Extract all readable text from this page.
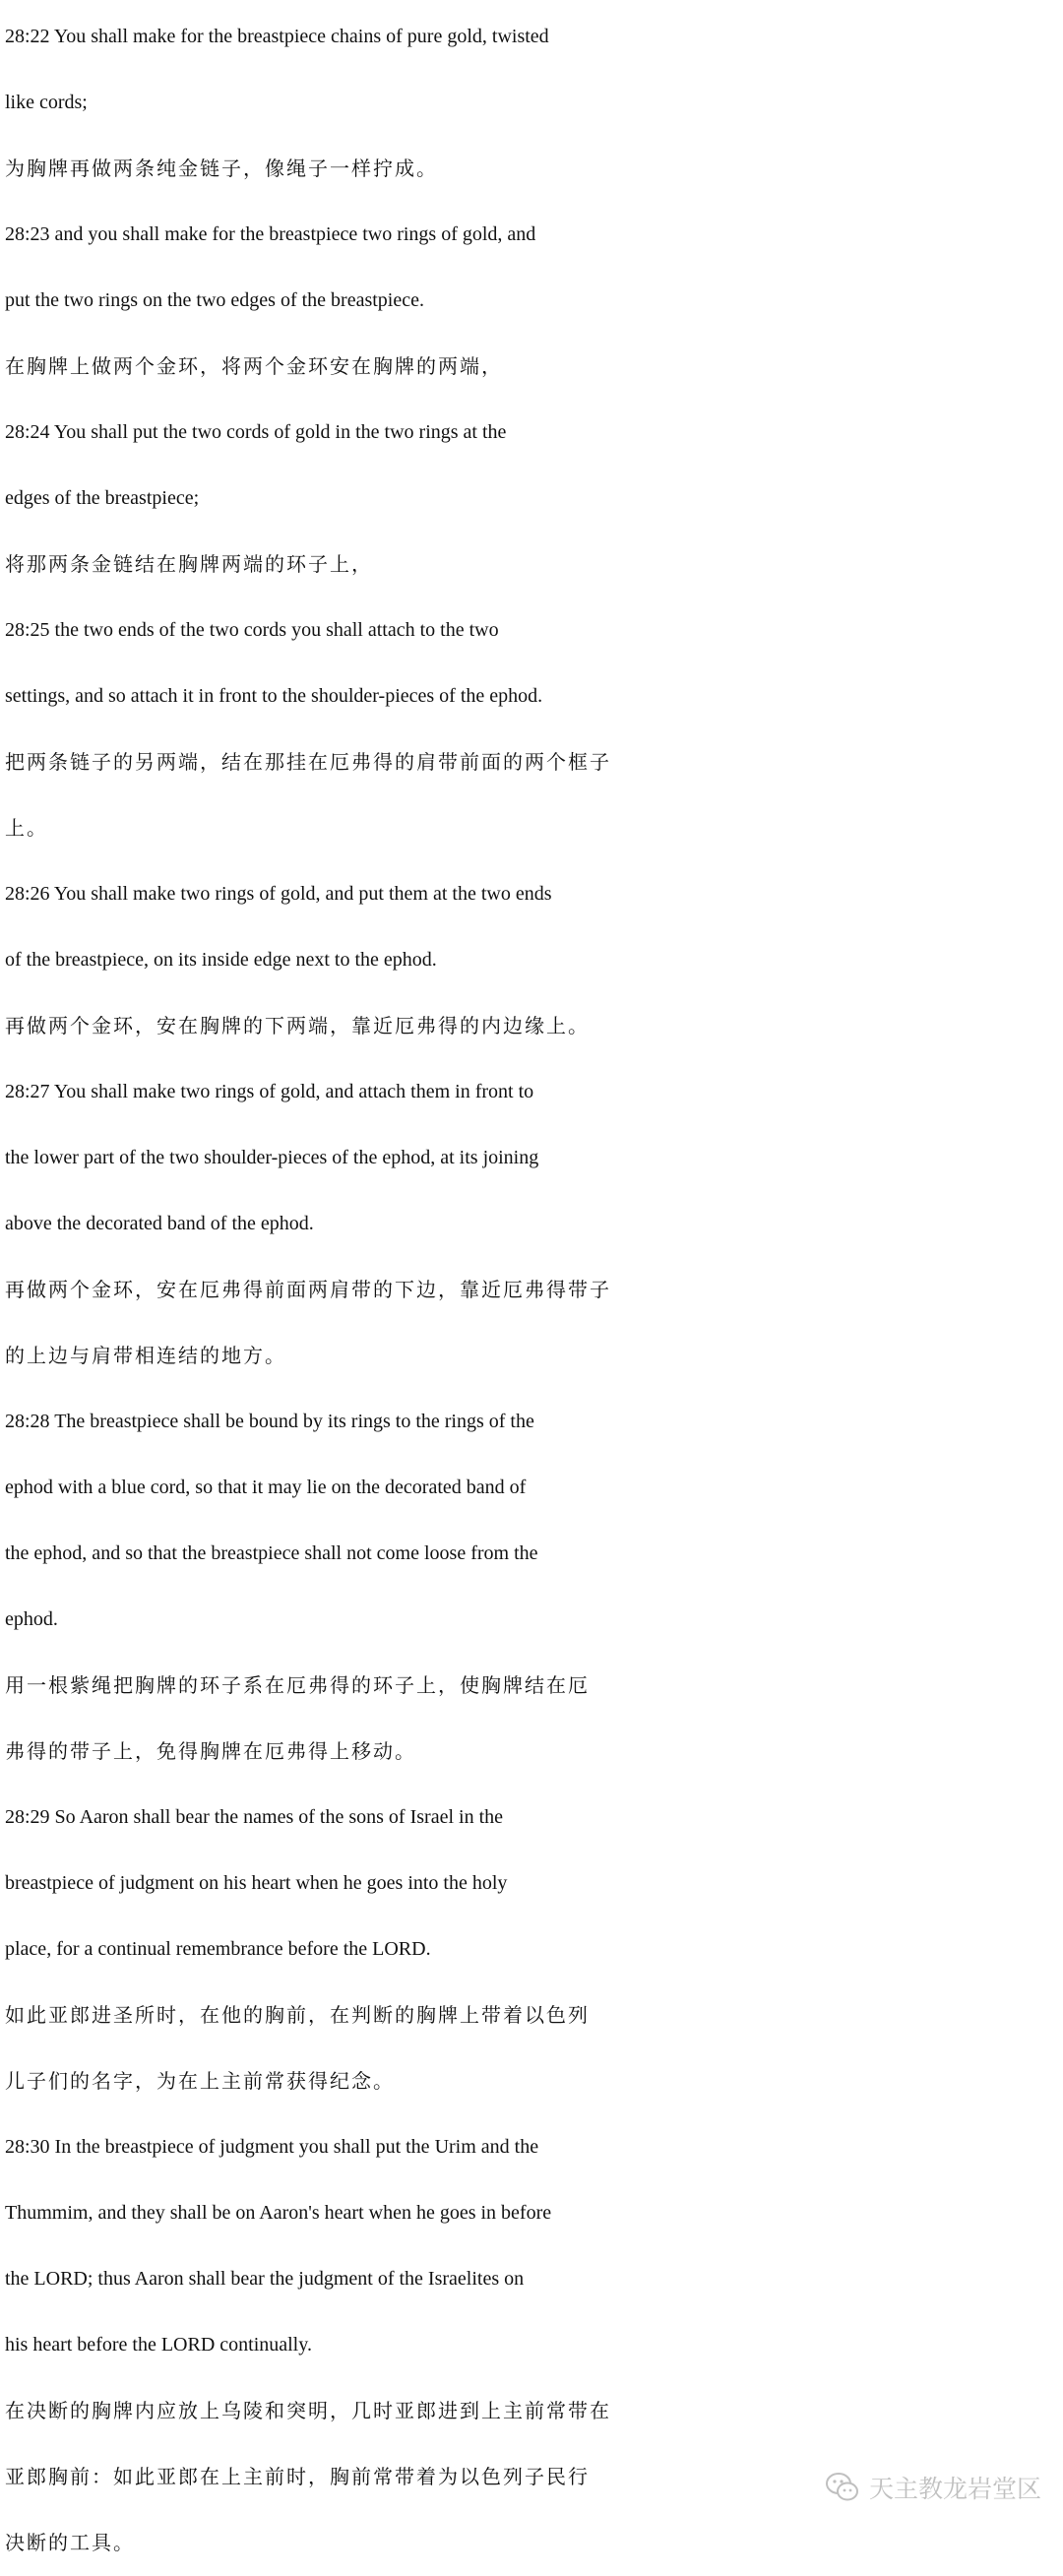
28:22 You shall make for the breastpiece chains of pure gold, twisted
like cords;
为胸牌再做两条纯金链子，像绳子一样拧成。
28:23 and you shall make for the breastpiece two rings of gold, and
put the two rings on the two edges of the breastpiece.
在胸牌上做两个金环，将两个金环安在胸牌的两端，
28:24 You shall put the two cords of gold in the two rings at the
edges of the breastpiece;
将那两条金链结在胸牌两端的环子上，
28:25 the two ends of the two cords you shall attach to the two
settings, and so attach it in front to the shoulder-pieces of the ephod.
把两条链子的另两端，结在那挂在厄弗得的肩带前面的两个框子
上。
28:26 You shall make two rings of gold, and put them at the two ends
of the breastpiece, on its inside edge next to the ephod.
再做两个金环，安在胸牌的下两端，靠近厄弗得的内边缘上。
28:27 You shall make two rings of gold, and attach them in front to
the lower part of the two shoulder-pieces of the ephod, at its joining
above the decorated band of the ephod.
再做两个金环，安在厄弗得前面两肩带的下边，靠近厄弗得带子
的上边与肩带相连结的地方。
28:28 The breastpiece shall be bound by its rings to the rings of the
ephod with a blue cord, so that it may lie on the decorated band of
the ephod, and so that the breastpiece shall not come loose from the
ephod.
用一根紫绳把胸牌的环子系在厄弗得的环子上，使胸牌结在厄
弗得的带子上，免得胸牌在厄弗得上移动。
28:29 So Aaron shall bear the names of the sons of Israel in the
breastpiece of judgment on his heart when he goes into the holy
place, for a continual remembrance before the LORD.
如此亚郎进圣所时，在他的胸前，在判断的胸牌上带着以色列
儿子们的名字，为在上主前常获得纪念。
28:30 In the breastpiece of judgment you shall put the Urim and the
Thummim, and they shall be on Aaron's heart when he goes in before
the LORD; thus Aaron shall bear the judgment of the Israelites on
his heart before the LORD continually.
在决断的胸牌内应放上乌陵和突明，几时亚郎进到上主前常带在
亚郎胸前：如此亚郎在上主前时，胸前常带着为以色列子民行
决断的工具。
天主教龙岩堂区
